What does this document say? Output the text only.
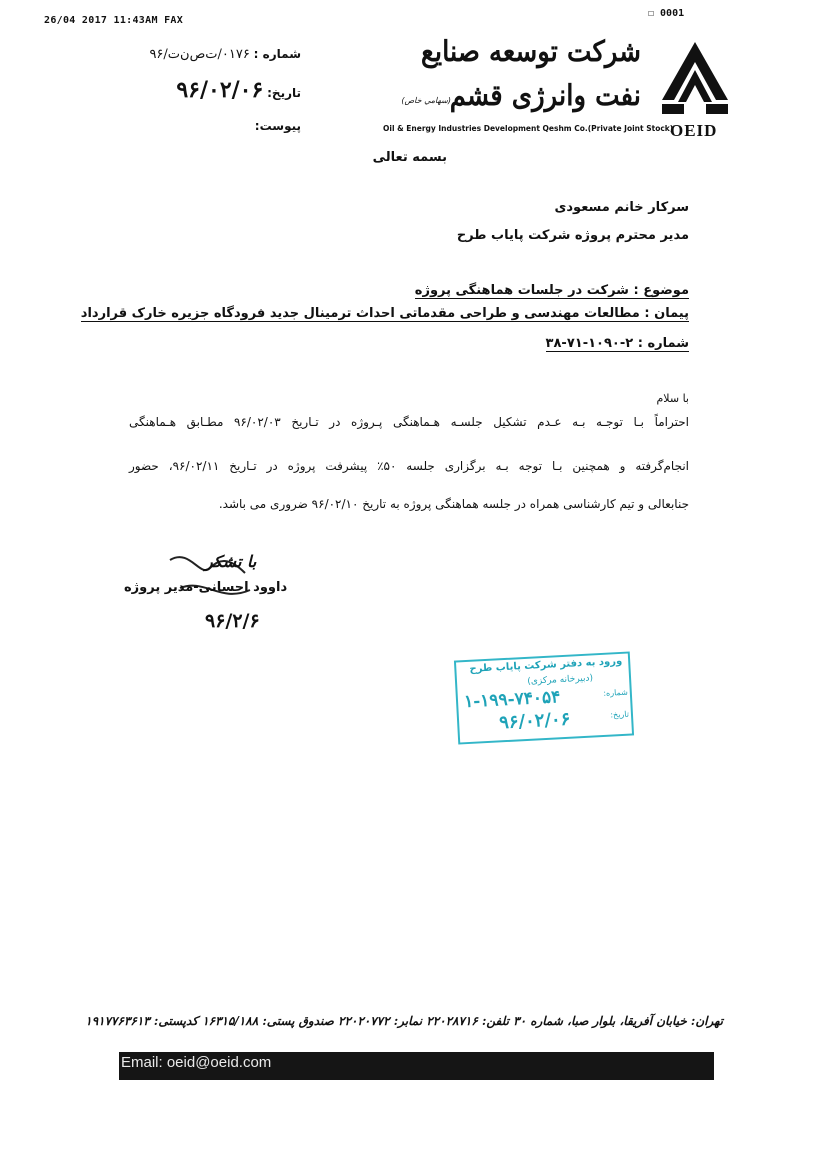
26/04 2017 11:43AM FAX
☐ 0001
شماره : ۰۱۷۶/ت‌ص‌ن‌ت/۹۶
تاريخ: ۹۶/۰۲/۰۶
پيوست:
شركت توسعه صنايع نفت وانرژی قشم
(سهامي خاص)
Oil & Energy Industries Development Qeshm Co.(Private Joint Stock)
OEID
بسمه تعالی
سركار خانم مسعودی
مدير محترم پروژه شركت پاياب طرح
موضوع : شركت در جلسات هماهنگی پروژه
پيمان : مطالعات مهندسی و طراحی مقدماتی احداث ترمينال جديد فرودگاه جزيره خارک قرارداد
شماره : ۲-۱۰۹۰-۷۱-۳۸
با سلام
احتراماً بـا توجـه بـه عـدم تشكيل جلسـه هـماهنگی پـروژه در تـاريخ ۹۶/۰۲/۰۳ مطـابق هـماهنگی
انجام‌گرفته و همچنين بـا توجه بـه برگزاری جلسه ۵۰٪ پيشرفت پروژه در تـاريخ ۹۶/۰۲/۱۱، حضور
جنابعالی و تيم كارشناسی همراه در جلسه هماهنگی پروژه به تاريخ ۹۶/۰۲/۱۰ ضروری می باشد.
با تشكر
داوود احسانی-مدير پروژه
۹۶/۲/۶
ورود به دفتر شركت پاياب طرح
(دبيرخانه مركزی)
شماره:
۱-۱۹۹-۷۴۰۵۴
تاريخ:
۹۶/۰۲/۰۶
تهران: خيابان آفريقا، بلوار صبا، شماره ۳۰ تلفن: ۲۲۰۲۸۷۱۶ نمابر: ۲۲۰۲۰۷۷۲ صندوق پستی: ۱۶۳۱۵/۱۸۸ كدپستی: ۱۹۱۷۷۶۳۶۱۳
Email: oeid@oeid.com
